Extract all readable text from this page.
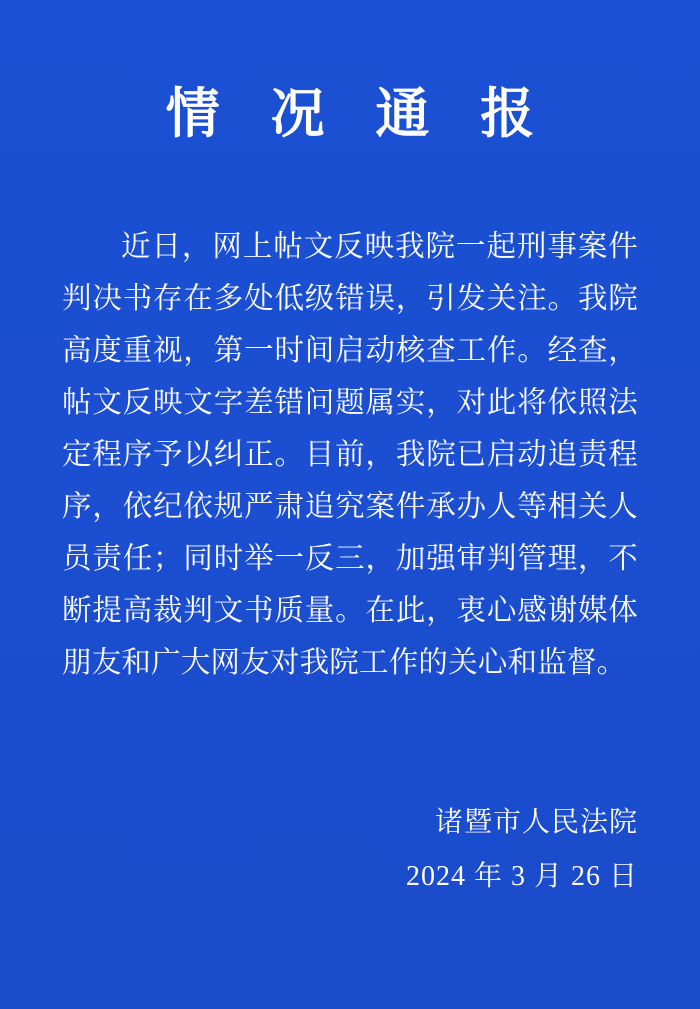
情 况 通 报

近日，网上帖文反映我院一起刑事案件判决书存在多处低级错误，引发关注。我院高度重视，第一时间启动核查工作。经查，帖文反映文字差错问题属实，对此将依照法定程序予以纠正。目前，我院已启动追责程序，依纪依规严肃追究案件承办人等相关人员责任；同时举一反三，加强审判管理，不断提高裁判文书质量。在此，衷心感谢媒体朋友和广大网友对我院工作的关心和监督。

诸暨市人民法院
2024 年 3 月 26 日
